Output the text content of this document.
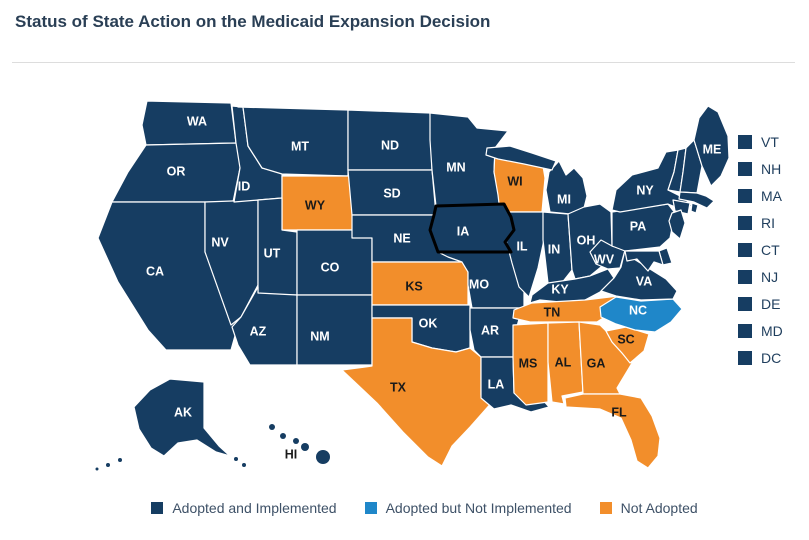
Status of State Action on the Medicaid Expansion Decision
WA
OR
CA
NV
ID
MT
WY
UT
CO
AZ	NM
ND
SD
NE
KS
OK
TX
MN
IA
MO
AR
LA
WI
IL IN
MI
OH
KY
TN
MS AL GA
SC
FL
NC
VA
WV
PA
NY
ME
AK
HI
VT
NH
MA
RI
CT
NJ
DE
MD
DC
Adopted and Implemented	Adopted but Not Implemented	Not Adopted
